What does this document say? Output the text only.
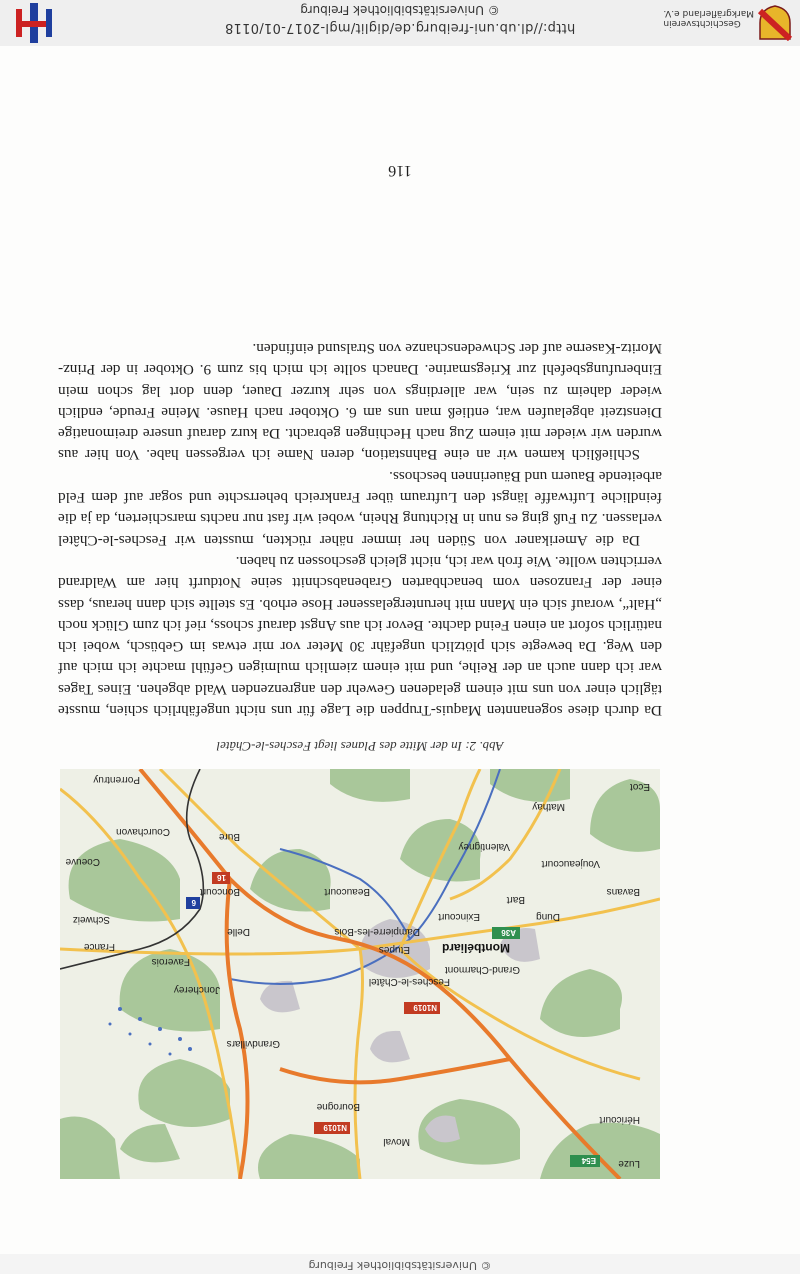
http://dl.ub.uni-freiburg.de/diglit/mgl-2017-01/0118
© Universitätsbibliothek Freiburg
Geschichtsverein
Markgräflerland e.V.
© Universitätsbibliothek Freiburg
E54
N1019
N1019
A36
16
6
Luze
Héricourt
Moval
Bourogne
Grandvillars
Joncherey
Faverois
Delle
Boncourt
Grand-Charmont
Fesches-le-Châtel
Etupes
Dampierre-les-Bois
Montbéliard
Dung
Bart
Exincourt
Beaucourt	Bavans
Voujeaucourt
Valentigney
Mathay
Ecot
Bure
Courchavon
Coeuve
Porrentruy
France
Schweiz
Abb. 2: In der Mitte des Planes liegt Fesches-le-Châtel

Da durch diese sogenannten Maquis-Truppen die Lage für uns nicht ungefährlich schien, musste täglich einer von uns mit einem geladenen Gewehr den angrenzenden Wald abgehen. Eines Tages war ich dann auch an der Reihe, und mit einem ziemlich mulmigen Gefühl machte ich mich auf den Weg. Da bewegte sich plötzlich ungefähr 30 Meter vor mir etwas im Gebüsch, wobei ich natürlich sofort an einen Feind dachte. Bevor ich aus Angst darauf schoss, rief ich zum Glück noch „Halt“, worauf sich ein Mann mit heruntergelassener Hose erhob. Es stellte sich dann heraus, dass einer der Franzosen vom benachbarten Grabenabschnitt seine Notdurft hier am Waldrand verrichten wollte. Wie froh war ich, nicht gleich geschossen zu haben.

Da die Amerikaner von Süden her immer näher rückten, mussten wir Fesches-le-Châtel verlassen. Zu Fuß ging es nun in Richtung Rhein, wobei wir fast nur nachts marschierten, da ja die feindliche Luftwaffe längst den Luftraum über Frankreich beherrschte und sogar auf dem Feld arbeitende Bauern und Bäuerinnen beschoss.

Schließlich kamen wir an eine Bahnstation, deren Name ich vergessen habe. Von hier aus wurden wir wieder mit einem Zug nach Hechingen gebracht. Da kurz darauf unsere dreimonatige Dienstzeit abgelaufen war, entließ man uns am 6. Oktober nach Hause. Meine Freude, endlich wieder daheim zu sein, war allerdings von sehr kurzer Dauer, denn dort lag schon mein Einberufungsbefehl zur Kriegsmarine. Danach sollte ich mich bis zum 9. Oktober in der Prinz-Moritz-Kaserne auf der Schwedenschanze von Stralsund einfinden.

116
